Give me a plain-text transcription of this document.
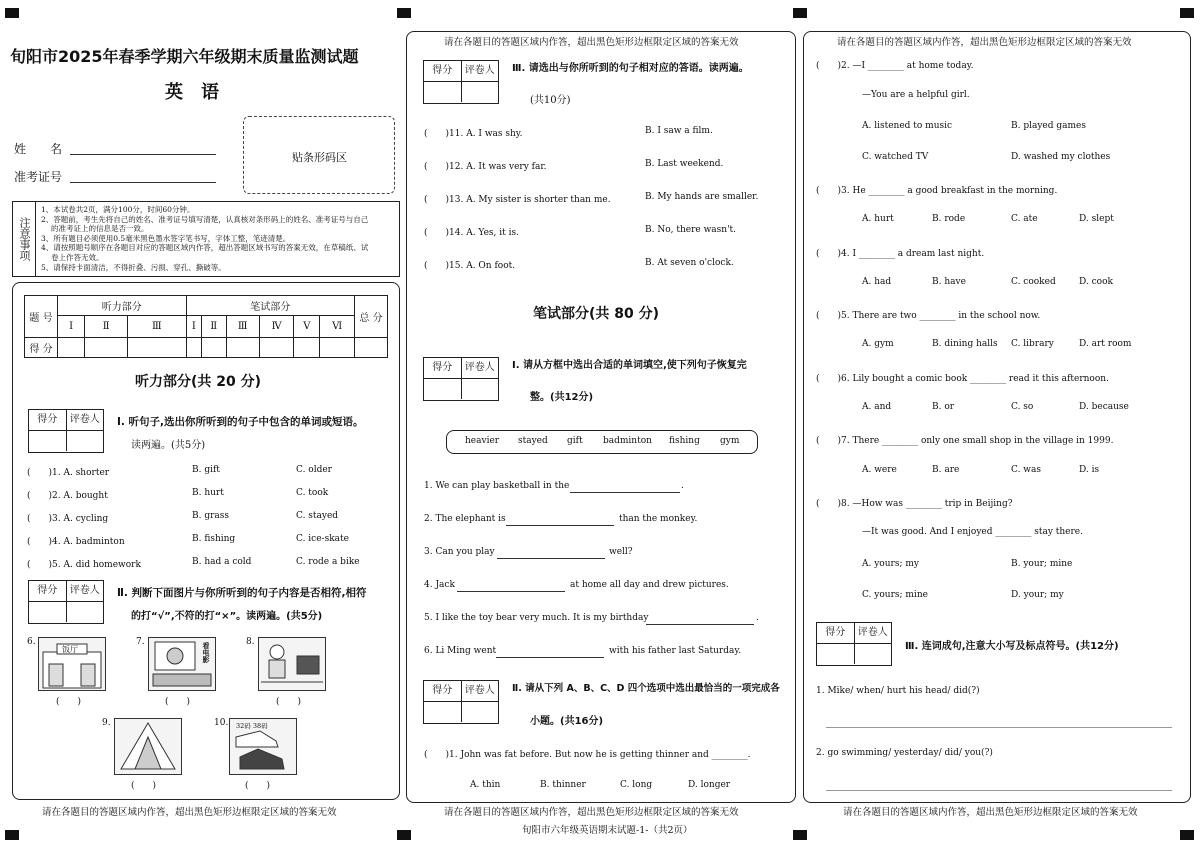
旬阳市2025年春季学期六年级期末质量监测试题
英　语
姓　　名
准考证号
贴条形码区
注意事项
1、本试卷共2页，满分100分，时间60分钟。
2、答题前，考生先将自己的姓名、准考证号填写清楚，认真核对条形码上的姓名、准考证号与自己
的准考证上的信息是否一致。
3、所有题目必须使用0.5毫米黑色墨水签字笔书写，字体工整，笔迹清楚。
4、请按照题号顺序在各题目对应的答题区域内作答，超出答题区域书写的答案无效，在草稿纸、试
卷上作答无效。
5、请保持卡面清洁，不得折叠、污损、穿孔、撕破等。
题 号	听力部分			笔试部分						总 分
	Ⅰ	Ⅱ	Ⅲ	Ⅰ	Ⅱ	Ⅲ	Ⅳ	Ⅴ	Ⅵ	
得 分										
听力部分(共 20 分)
得分	评卷人	Ⅰ. 听句子,选出你所听到的句子中包含的单词或短语。
读两遍。(共5分)
(　　)1. A. shorter	B. gift	C. older
(　　)2. A. bought	B. hurt	C. took
(　　)3. A. cycling	B. grass	C. stayed
(　　)4. A. badminton	B. fishing	C. ice-skate
(　　)5. A. did homework	B. had a cold	C. rode a bike
得分	评卷人	Ⅱ. 判断下面图片与你所听到的句子内容是否相符,相符
的打“√”,不符的打“×”。读两遍。(共5分)
6.
饭厅
(　　)
7.	看电影
(　　)
8.
(　　)
9.
(　　)
10. 32码 38码
(　　)
请在各题目的答题区域内作答，超出黑色矩形边框限定区域的答案无效
请在各题目的答题区域内作答，超出黑色矩形边框限定区域的答案无效
得分	评卷人	Ⅲ. 请选出与你所听到的句子相对应的答语。读两遍。
(共10分)
(　　)11. A. I was shy.	B. I saw a film.
(　　)12. A. It was very far.	B. Last weekend.
(　　)13. A. My sister is shorter than me.	B. My hands are smaller.
(　　)14. A. Yes, it is.	B. No, there wasn't.
(　　)15. A. On foot.	B. At seven o'clock.
笔试部分(共 80 分)
得分	评卷人	Ⅰ. 请从方框中选出合适的单词填空,使下列句子恢复完
整。(共12分)
heavier stayed gift badminton fishing gym
1. We can play basketball in the	.
2. The elephant is	than the monkey.
3. Can you play	well?
4. Jack	at home all day and drew pictures.
5. I like the toy bear very much. It is my birthday	.
6. Li Ming went	with his father last Saturday.
得分	评卷人	Ⅱ. 请从下列 A、B、C、D 四个选项中选出最恰当的一项完成各
小题。(共16分)
(　　)1. John was fat before. But now he is getting thinner and ________.
A. thin	B. thinner	C. long	D. longer
请在各题目的答题区域内作答，超出黑色矩形边框限定区域的答案无效
旬阳市六年级英语期末试题-1-（共2页）
请在各题目的答题区域内作答，超出黑色矩形边框限定区域的答案无效
(　　)2. —I ________ at home today.
—You are a helpful girl.
A. listened to music	B. played games
C. watched TV	D. washed my clothes
(　　)3. He ________ a good breakfast in the morning.
A. hurt	B. rode	C. ate	D. slept
(　　)4. I ________ a dream last night.
A. had	B. have	C. cooked	D. cook
(　　)5. There are two ________ in the school now.
A. gym	B. dining halls C. library	D. art room
(　　)6. Lily bought a comic book ________ read it this afternoon.
A. and	B. or	C. so	D. because
(　　)7. There ________ only one small shop in the village in 1999.
A. were	B. are	C. was	D. is
(　　)8. —How was ________ trip in Beijing?
—It was good. And I enjoyed ________ stay there.
A. yours; my	B. your; mine
C. yours; mine	D. your; my
得分	评卷人
Ⅲ. 连词成句,注意大小写及标点符号。(共12分)
1. Mike/ when/ hurt his head/ did(?)
2. go swimming/ yesterday/ did/ you(?)
请在各题目的答题区域内作答，超出黑色矩形边框限定区域的答案无效
